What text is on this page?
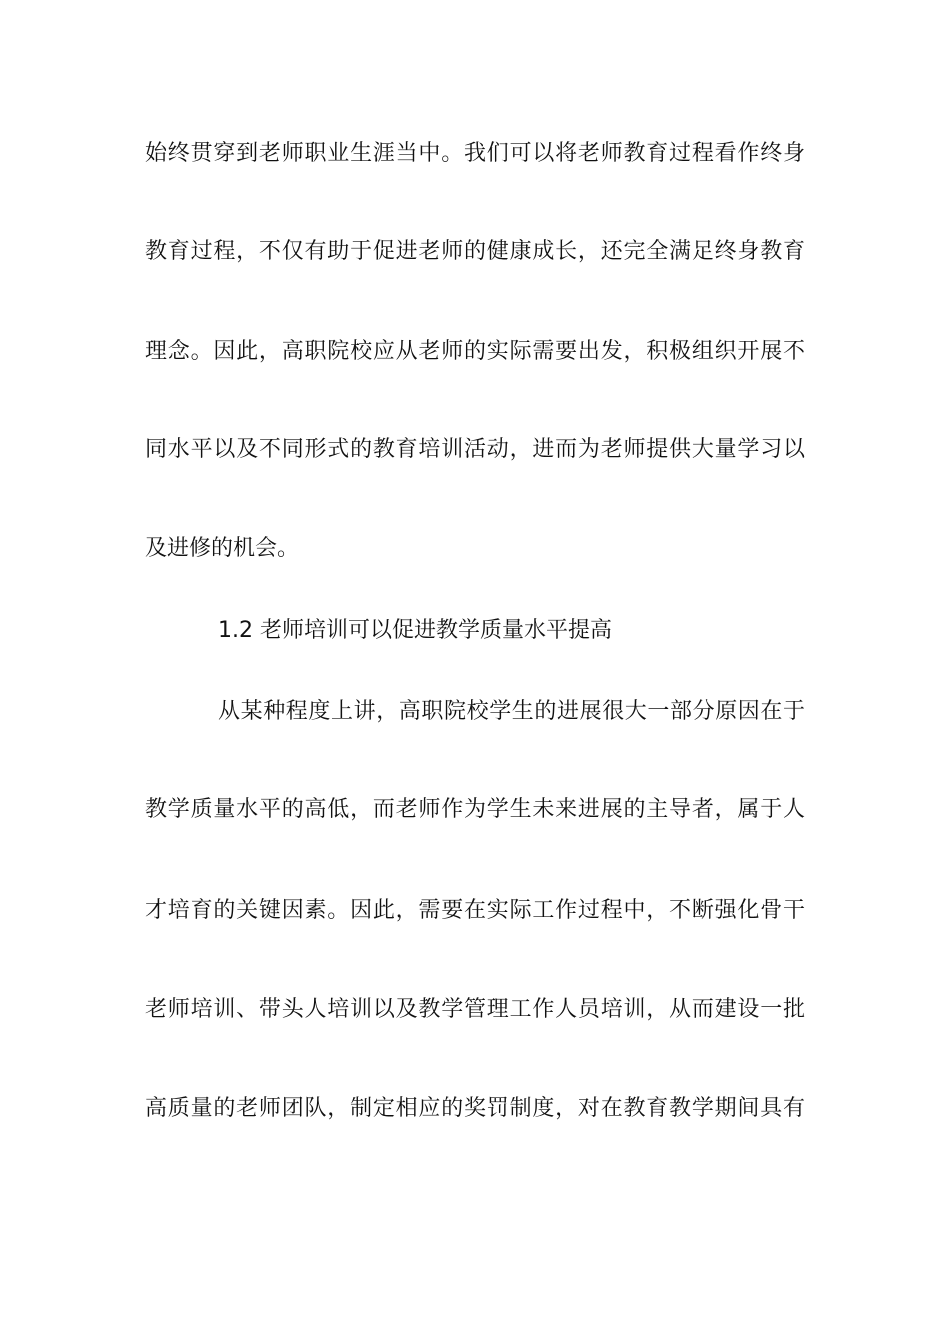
始终贯穿到老师职业生涯当中。我们可以将老师教育过程看作终身
教育过程，不仅有助于促进老师的健康成长，还完全满足终身教育
理念。因此，高职院校应从老师的实际需要出发，积极组织开展不
同水平以及不同形式的教育培训活动，进而为老师提供大量学习以
及进修的机会。
1.2 老师培训可以促进教学质量水平提高
从某种程度上讲，高职院校学生的进展很大一部分原因在于
教学质量水平的高低，而老师作为学生未来进展的主导者，属于人
才培育的关键因素。因此，需要在实际工作过程中，不断强化骨干
老师培训、带头人培训以及教学管理工作人员培训，从而建设一批
高质量的老师团队，制定相应的奖罚制度，对在教育教学期间具有
